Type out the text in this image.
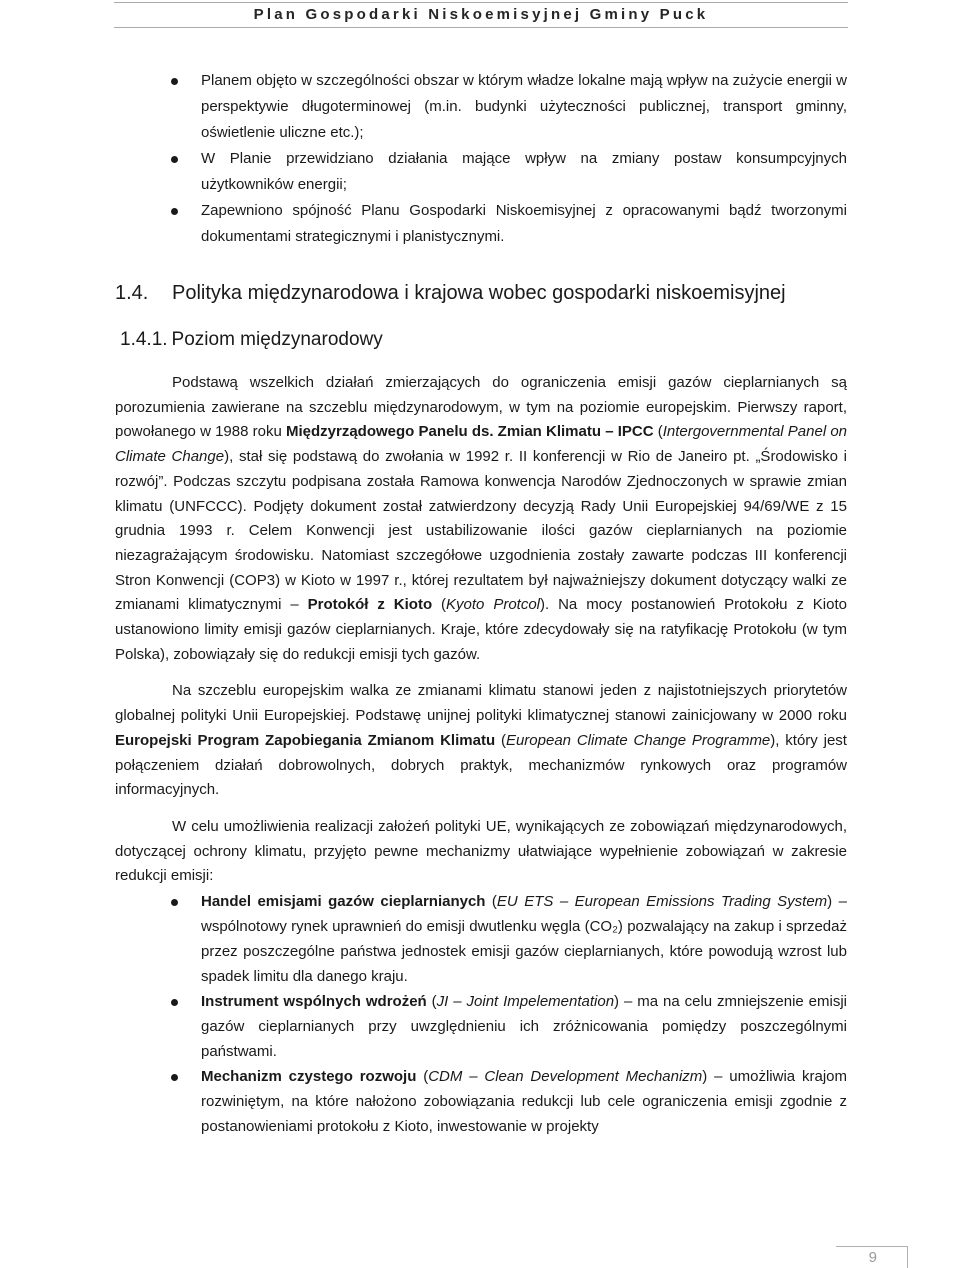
Plan Gospodarki Niskoemisyjnej Gminy Puck
Planem objęto w szczególności obszar w którym władze lokalne mają wpływ na zużycie energii w perspektywie długoterminowej (m.in. budynki użyteczności publicznej, transport gminny, oświetlenie uliczne etc.);
W Planie przewidziano działania mające wpływ na zmiany postaw konsumpcyjnych użytkowników energii;
Zapewniono spójność Planu Gospodarki Niskoemisyjnej z opracowanymi bądź tworzonymi dokumentami strategicznymi i planistycznymi.
1.4. Polityka międzynarodowa i krajowa wobec gospodarki niskoemisyjnej
1.4.1. Poziom międzynarodowy

Podstawą wszelkich działań zmierzających do ograniczenia emisji gazów cieplarnianych są porozumienia zawierane na szczeblu międzynarodowym, w tym na poziomie europejskim. Pierwszy raport, powołanego w 1988 roku Międzyrządowego Panelu ds. Zmian Klimatu – IPCC (Intergovernmental Panel on Climate Change), stał się podstawą do zwołania w 1992 r. II konferencji w Rio de Janeiro pt. „Środowisko i rozwój”. Podczas szczytu podpisana została Ramowa konwencja Narodów Zjednoczonych w sprawie zmian klimatu (UNFCCC). Podjęty dokument został zatwierdzony decyzją Rady Unii Europejskiej 94/69/WE z 15 grudnia 1993 r. Celem Konwencji jest ustabilizowanie ilości gazów cieplarnianych na poziomie niezagrażającym środowisku. Natomiast szczegółowe uzgodnienia zostały zawarte podczas III konferencji Stron Konwencji (COP3) w Kioto w 1997 r., której rezultatem był najważniejszy dokument dotyczący walki ze zmianami klimatycznymi – Protokół z Kioto (Kyoto Protcol). Na mocy postanowień Protokołu z Kioto ustanowiono limity emisji gazów cieplarnianych. Kraje, które zdecydowały się na ratyfikację Protokołu (w tym Polska), zobowiązały się do redukcji emisji tych gazów.

Na szczeblu europejskim walka ze zmianami klimatu stanowi jeden z najistotniejszych priorytetów globalnej polityki Unii Europejskiej. Podstawę unijnej polityki klimatycznej stanowi zainicjowany w 2000 roku Europejski Program Zapobiegania Zmianom Klimatu (European Climate Change Programme), który jest połączeniem działań dobrowolnych, dobrych praktyk, mechanizmów rynkowych oraz programów informacyjnych.

W celu umożliwienia realizacji założeń polityki UE, wynikających ze zobowiązań międzynarodowych, dotyczącej ochrony klimatu, przyjęto pewne mechanizmy ułatwiające wypełnienie zobowiązań w zakresie redukcji emisji:

Handel emisjami gazów cieplarnianych (EU ETS – European Emissions Trading System) – wspólnotowy rynek uprawnień do emisji dwutlenku węgla (CO₂) pozwalający na zakup i sprzedaż przez poszczególne państwa jednostek emisji gazów cieplarnianych, które powodują wzrost lub spadek limitu dla danego kraju.
Instrument wspólnych wdrożeń (JI – Joint Impelementation) – ma na celu zmniejszenie emisji gazów cieplarnianych przy uwzględnieniu ich zróżnicowania pomiędzy poszczególnymi państwami.
Mechanizm czystego rozwoju (CDM – Clean Development Mechanizm) – umożliwia krajom rozwiniętym, na które nałożono zobowiązania redukcji lub cele ograniczenia emisji zgodnie z postanowieniami protokołu z Kioto, inwestowanie w projekty
9
